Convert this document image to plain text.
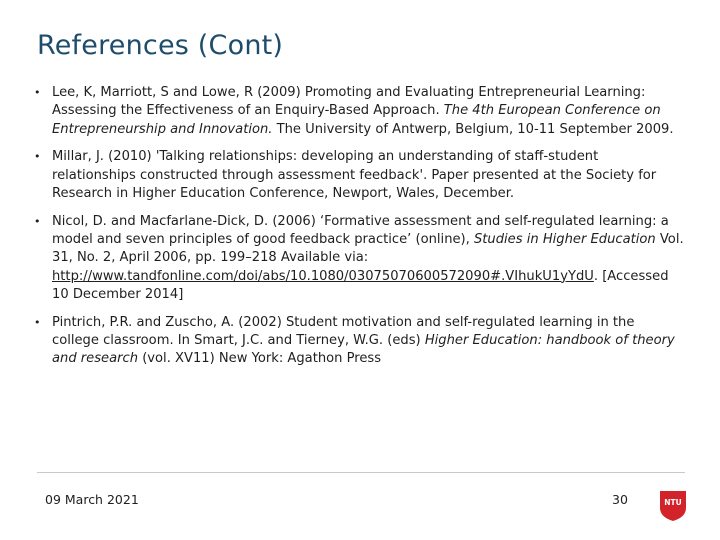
References (Cont)
• Lee, K, Marriott, S and Lowe, R (2009) Promoting and Evaluating Entrepreneurial Learning: Assessing the Effectiveness of an Enquiry-Based Approach. The 4th European Conference on Entrepreneurship and Innovation. The University of Antwerp, Belgium, 10-11 September 2009.
• Millar, J. (2010) 'Talking relationships: developing an understanding of staff-student relationships constructed through assessment feedback'. Paper presented at the Society for Research in Higher Education Conference, Newport, Wales, December.
• Nicol, D. and Macfarlane-Dick, D. (2006) ‘Formative assessment and self-regulated learning: a model and seven principles of good feedback practice’ (online), Studies in Higher Education Vol. 31, No. 2, April 2006, pp. 199–218 Available via: http://www.tandfonline.com/doi/abs/10.1080/03075070600572090#.VIhukU1yYdU. [Accessed 10 December 2014]
• Pintrich, P.R. and Zuscho, A. (2002) Student motivation and self-regulated learning in the college classroom. In Smart, J.C. and Tierney, W.G. (eds) Higher Education: handbook of theory and research (vol. XV11) New York: Agathon Press
09 March 2021	30	NTU
